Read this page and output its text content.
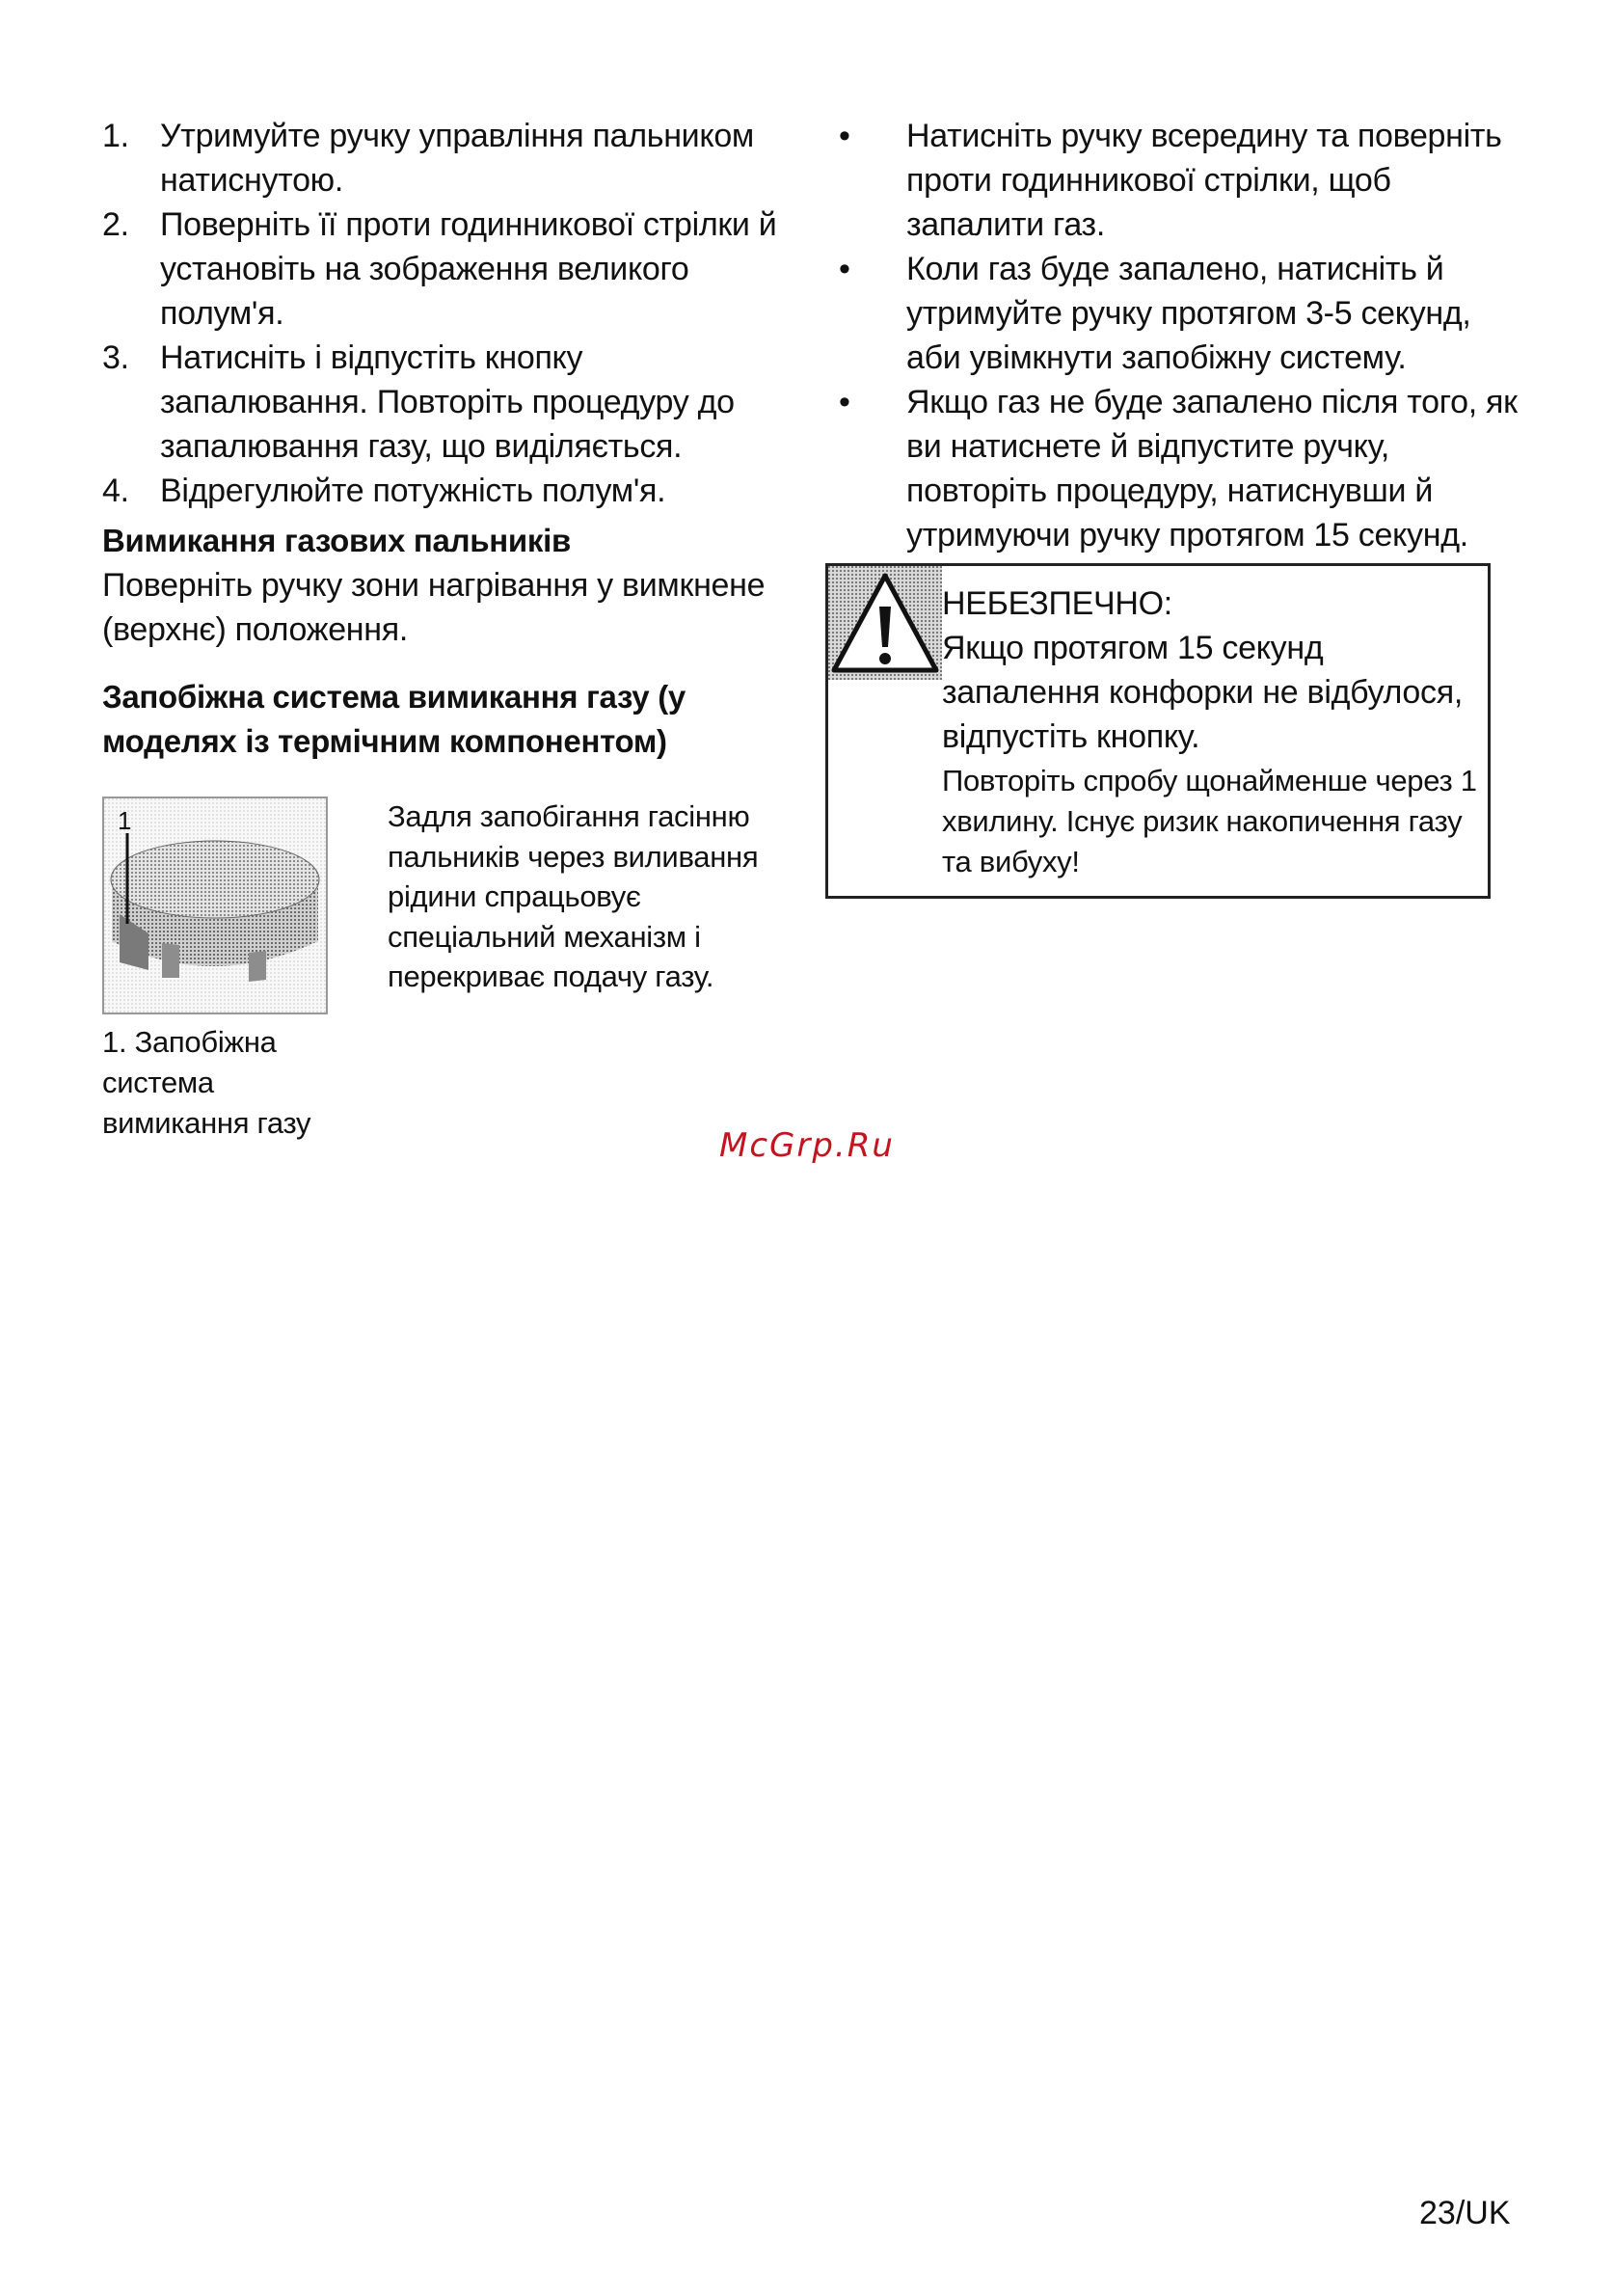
1. Утримуйте ручку управління пальником натиснутою.
2. Поверніть її проти годинникової стрілки й установіть на зображення великого полум'я.
3. Натисніть і відпустіть кнопку запалювання. Повторіть процедуру до запалювання газу, що виділяється.
4. Відрегулюйте потужність полум'я.
Вимикання газових пальників

Поверніть ручку зони нагрівання у вимкнене (верхнє) положення.

Запобіжна система вимикання газу (у моделях із термічним компонентом)
1
1. Запобіжна система вимикання газу
Задля запобігання гасінню пальників через виливання рідини спрацьовує спеціальний механізм і перекриває подачу газу.
•	Натисніть ручку всередину та поверніть проти годинникової стрілки, щоб запалити газ.
•	Коли газ буде запалено, натисніть й утримуйте ручку протягом 3-5 секунд, аби увімкнути запобіжну систему.
•	Якщо газ не буде запалено після того, як ви натиснете й відпустите ручку, повторіть процедуру, натиснувши й утримуючи ручку протягом 15 секунд.
НЕБЕЗПЕЧНО:
Якщо протягом 15 секунд запалення конфорки не відбулося, відпустіть кнопку.
Повторіть спробу щонайменше через 1 хвилину. Існує ризик накопичення газу та вибуху!
McGrp.Ru
23/UK
